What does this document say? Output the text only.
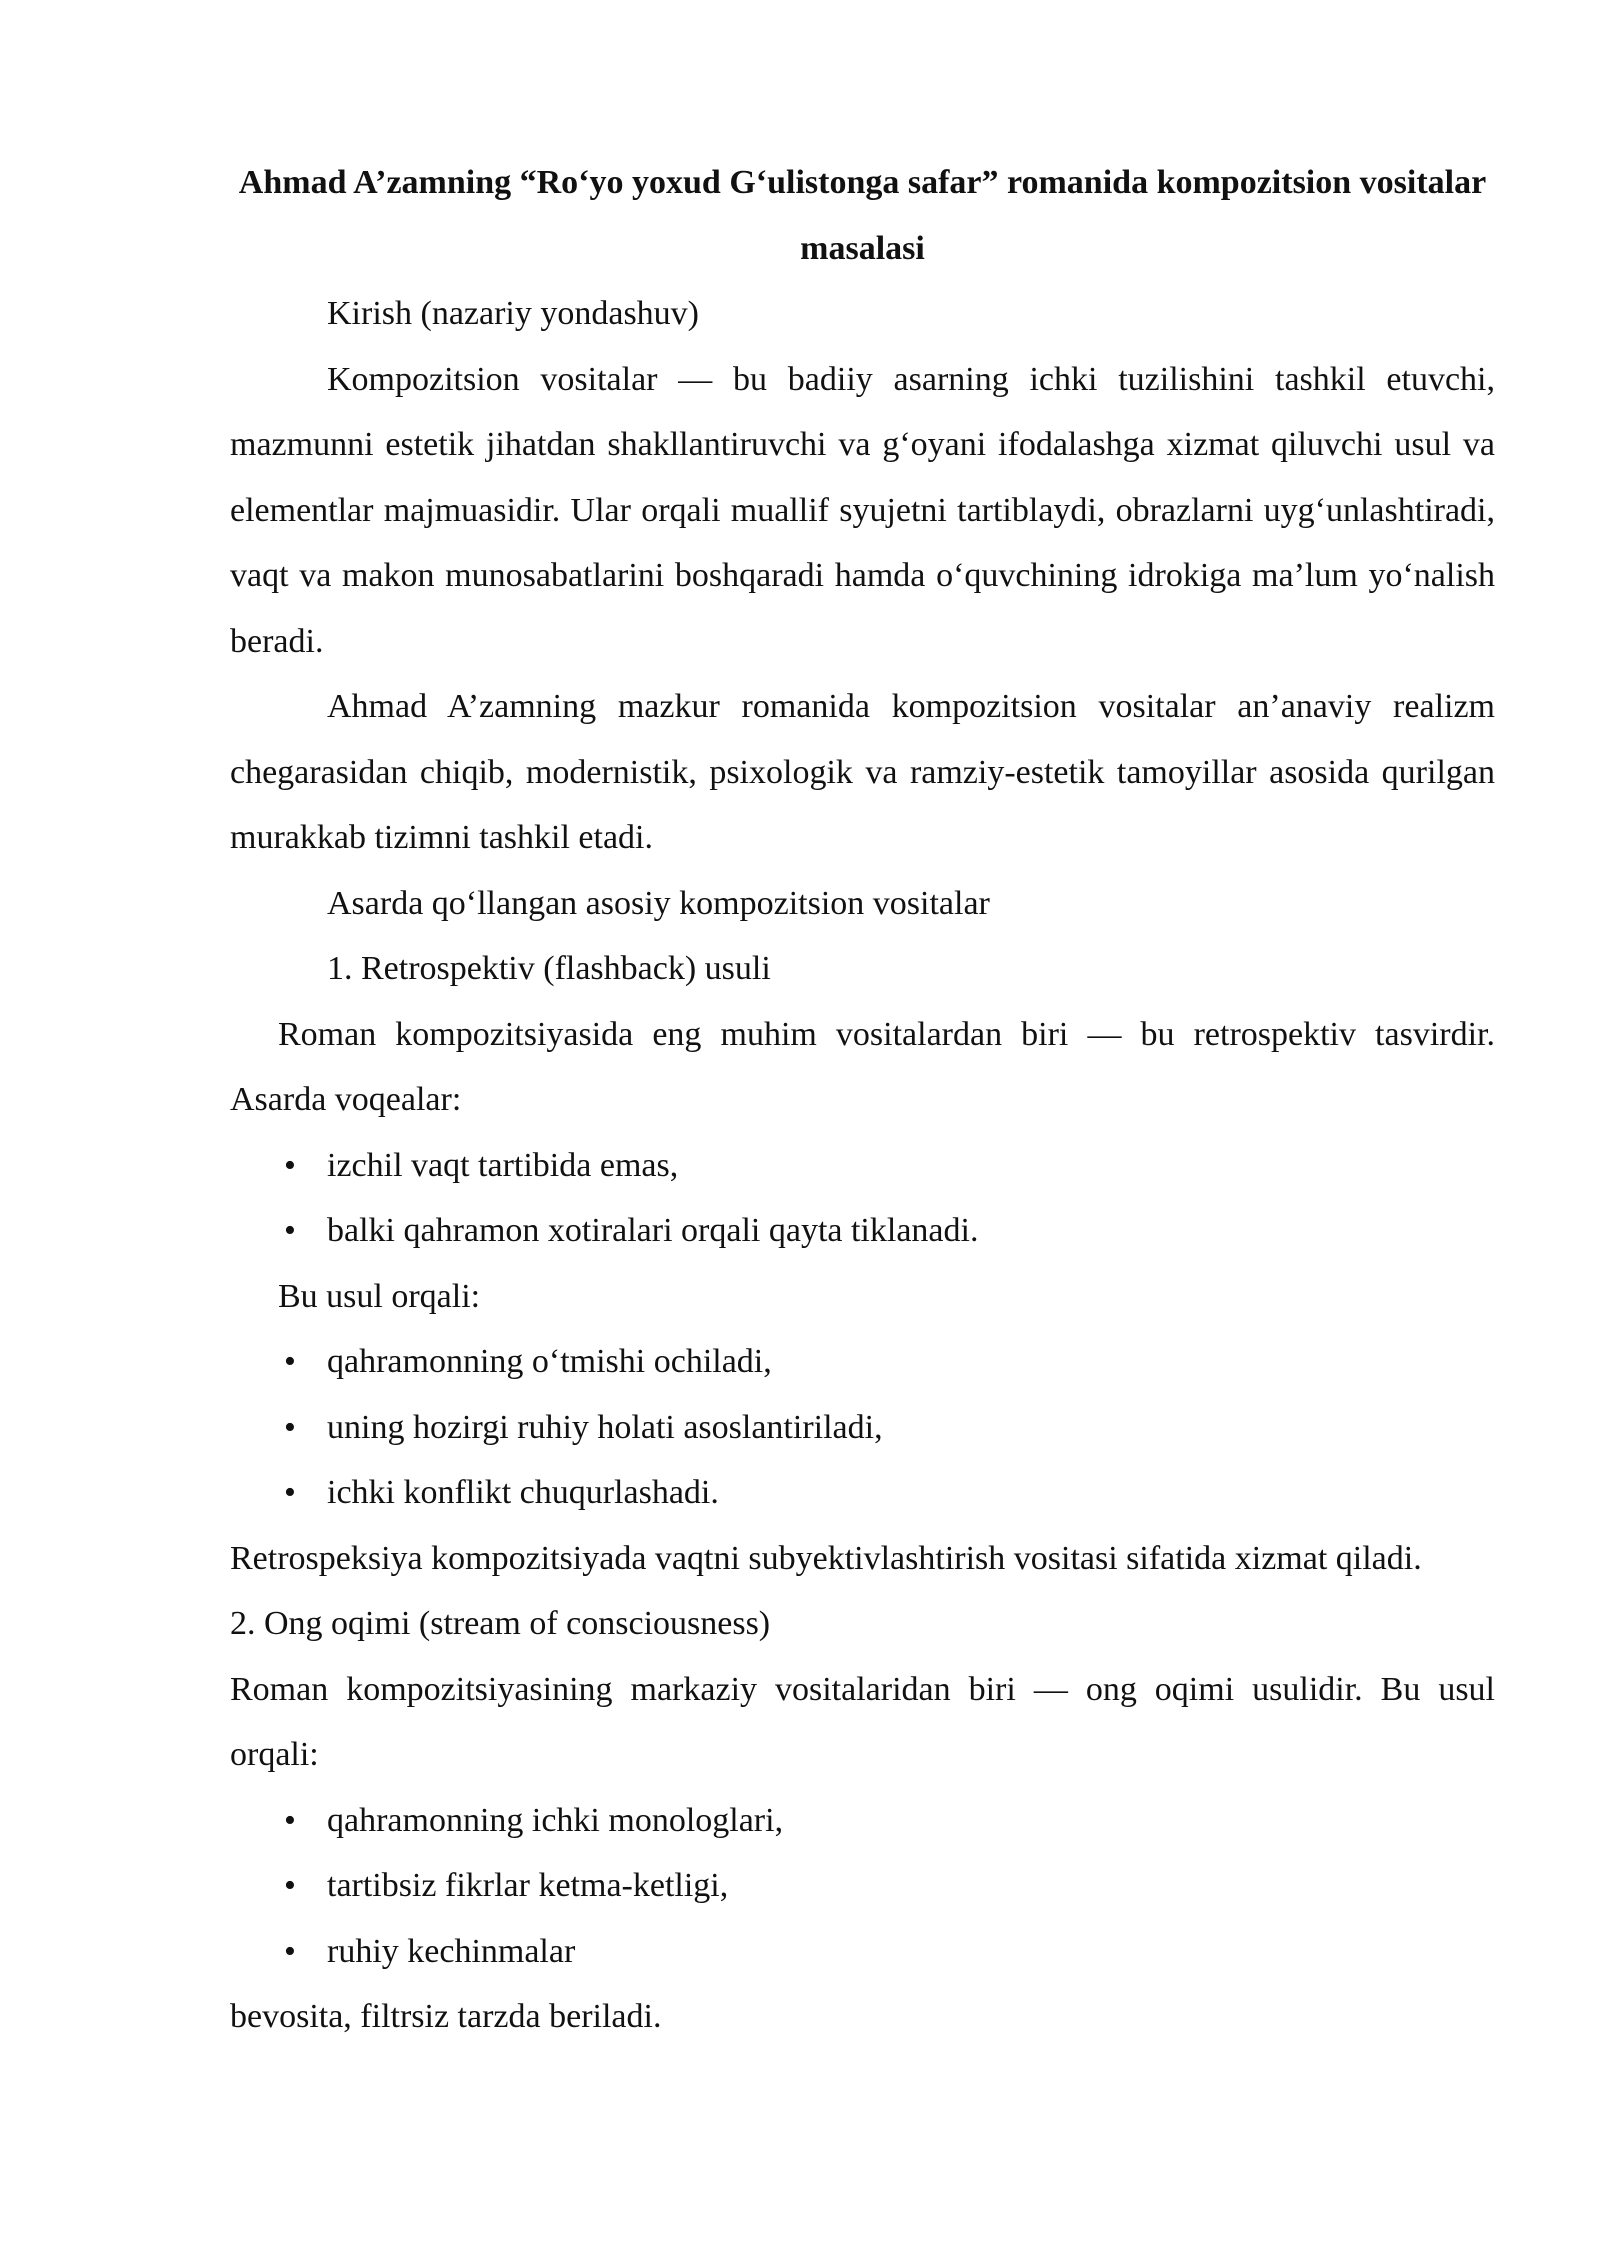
Ahmad A’zamning “Ro‘yo yoxud G‘ulistonga safar” romanida kompozitsion vositalar masalasi

Kirish (nazariy yondashuv)

Kompozitsion vositalar — bu badiiy asarning ichki tuzilishini tashkil etuvchi, mazmunni estetik jihatdan shakllantiruvchi va g‘oyani ifodalashga xizmat qiluvchi usul va elementlar majmuasidir. Ular orqali muallif syujetni tartiblaydi, obrazlarni uyg‘unlashtiradi, vaqt va makon munosabatlarini boshqaradi hamda o‘quvchining idrokiga ma’lum yo‘nalish beradi.

Ahmad A’zamning mazkur romanida kompozitsion vositalar an’anaviy realizm chegarasidan chiqib, modernistik, psixologik va ramziy-estetik tamoyillar asosida qurilgan murakkab tizimni tashkil etadi.

Asarda qo‘llangan asosiy kompozitsion vositalar

1. Retrospektiv (flashback) usuli

Roman kompozitsiyasida eng muhim vositalardan biri — bu retrospektiv tasvirdir. Asarda voqealar:

• izchil vaqt tartibida emas,
• balki qahramon xotiralari orqali qayta tiklanadi.

Bu usul orqali:

• qahramonning o‘tmishi ochiladi,
• uning hozirgi ruhiy holati asoslantiriladi,
• ichki konflikt chuqurlashadi.

Retrospeksiya kompozitsiyada vaqtni subyektivlashtirish vositasi sifatida xizmat qiladi.

2. Ong oqimi (stream of consciousness)

Roman kompozitsiyasining markaziy vositalaridan biri — ong oqimi usulidir. Bu usul orqali:

• qahramonning ichki monologlari,
• tartibsiz fikrlar ketma-ketligi,
• ruhiy kechinmalar

bevosita, filtrsiz tarzda beriladi.
